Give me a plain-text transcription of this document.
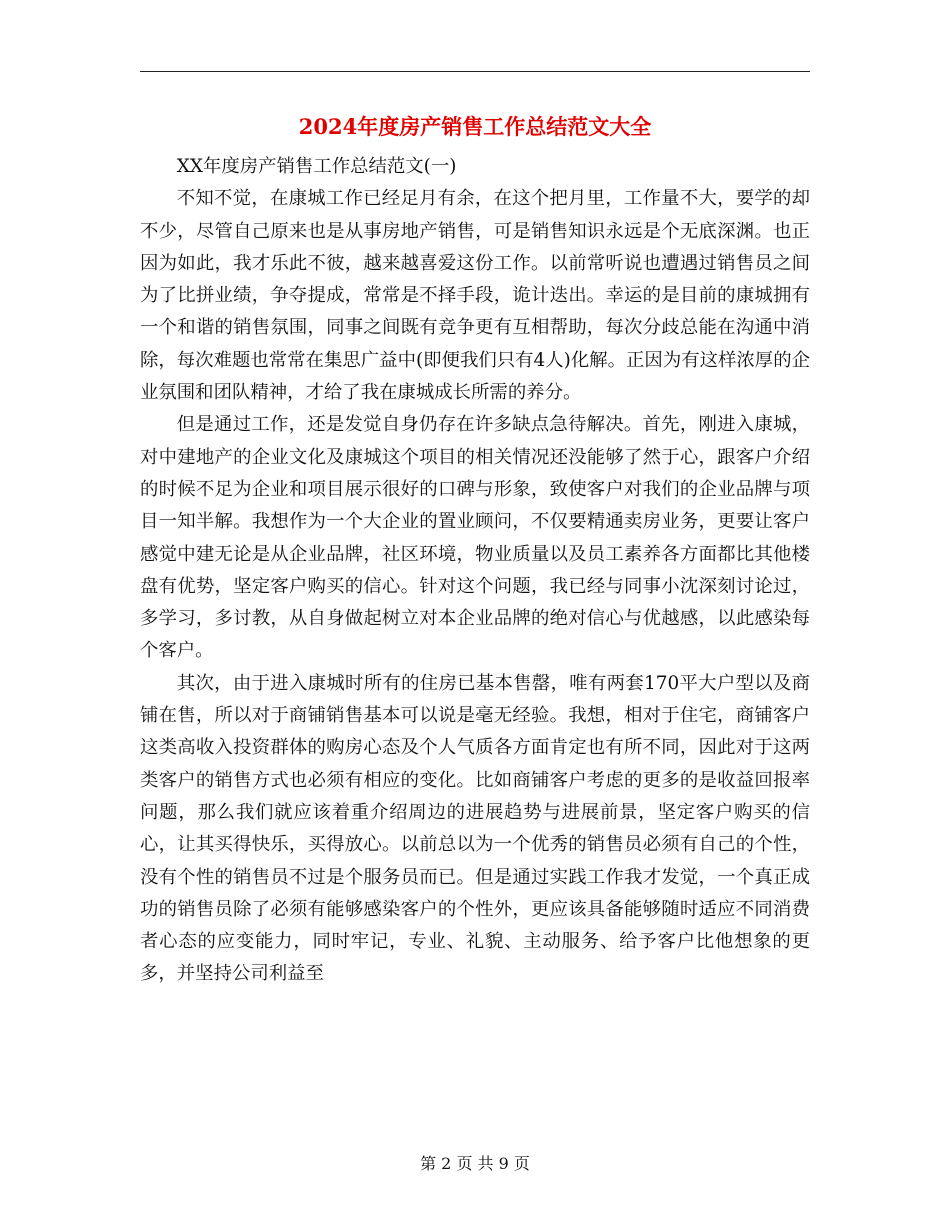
2024年度房产销售工作总结范文大全

XX年度房产销售工作总结范文(一)

不知不觉，在康城工作已经足月有余，在这个把月里，工作量不大，要学的却不少，尽管自己原来也是从事房地产销售，可是销售知识永远是个无底深渊。也正因为如此，我才乐此不彼，越来越喜爱这份工作。以前常听说也遭遇过销售员之间为了比拼业绩，争夺提成，常常是不择手段，诡计迭出。幸运的是目前的康城拥有一个和谐的销售氛围，同事之间既有竞争更有互相帮助，每次分歧总能在沟通中消除，每次难题也常常在集思广益中(即便我们只有4人)化解。正因为有这样浓厚的企业氛围和团队精神，才给了我在康城成长所需的养分。

但是通过工作，还是发觉自身仍存在许多缺点急待解决。首先，刚进入康城，对中建地产的企业文化及康城这个项目的相关情况还没能够了然于心，跟客户介绍的时候不足为企业和项目展示很好的口碑与形象，致使客户对我们的企业品牌与项目一知半解。我想作为一个大企业的置业顾问，不仅要精通卖房业务，更要让客户感觉中建无论是从企业品牌，社区环境，物业质量以及员工素养各方面都比其他楼盘有优势，坚定客户购买的信心。针对这个问题，我已经与同事小沈深刻讨论过，多学习，多讨教，从自身做起树立对本企业品牌的绝对信心与优越感，以此感染每个客户。

其次，由于进入康城时所有的住房已基本售罄，唯有两套170平大户型以及商铺在售，所以对于商铺销售基本可以说是毫无经验。我想，相对于住宅，商铺客户这类高收入投资群体的购房心态及个人气质各方面肯定也有所不同，因此对于这两类客户的销售方式也必须有相应的变化。比如商铺客户考虑的更多的是收益回报率问题，那么我们就应该着重介绍周边的进展趋势与进展前景，坚定客户购买的信心，让其买得快乐，买得放心。以前总以为一个优秀的销售员必须有自己的个性，没有个性的销售员不过是个服务员而已。但是通过实践工作我才发觉，一个真正成功的销售员除了必须有能够感染客户的个性外，更应该具备能够随时适应不同消费者心态的应变能力，同时牢记，专业、礼貌、主动服务、给予客户比他想象的更多，并坚持公司利益至

第 2 页 共 9 页
